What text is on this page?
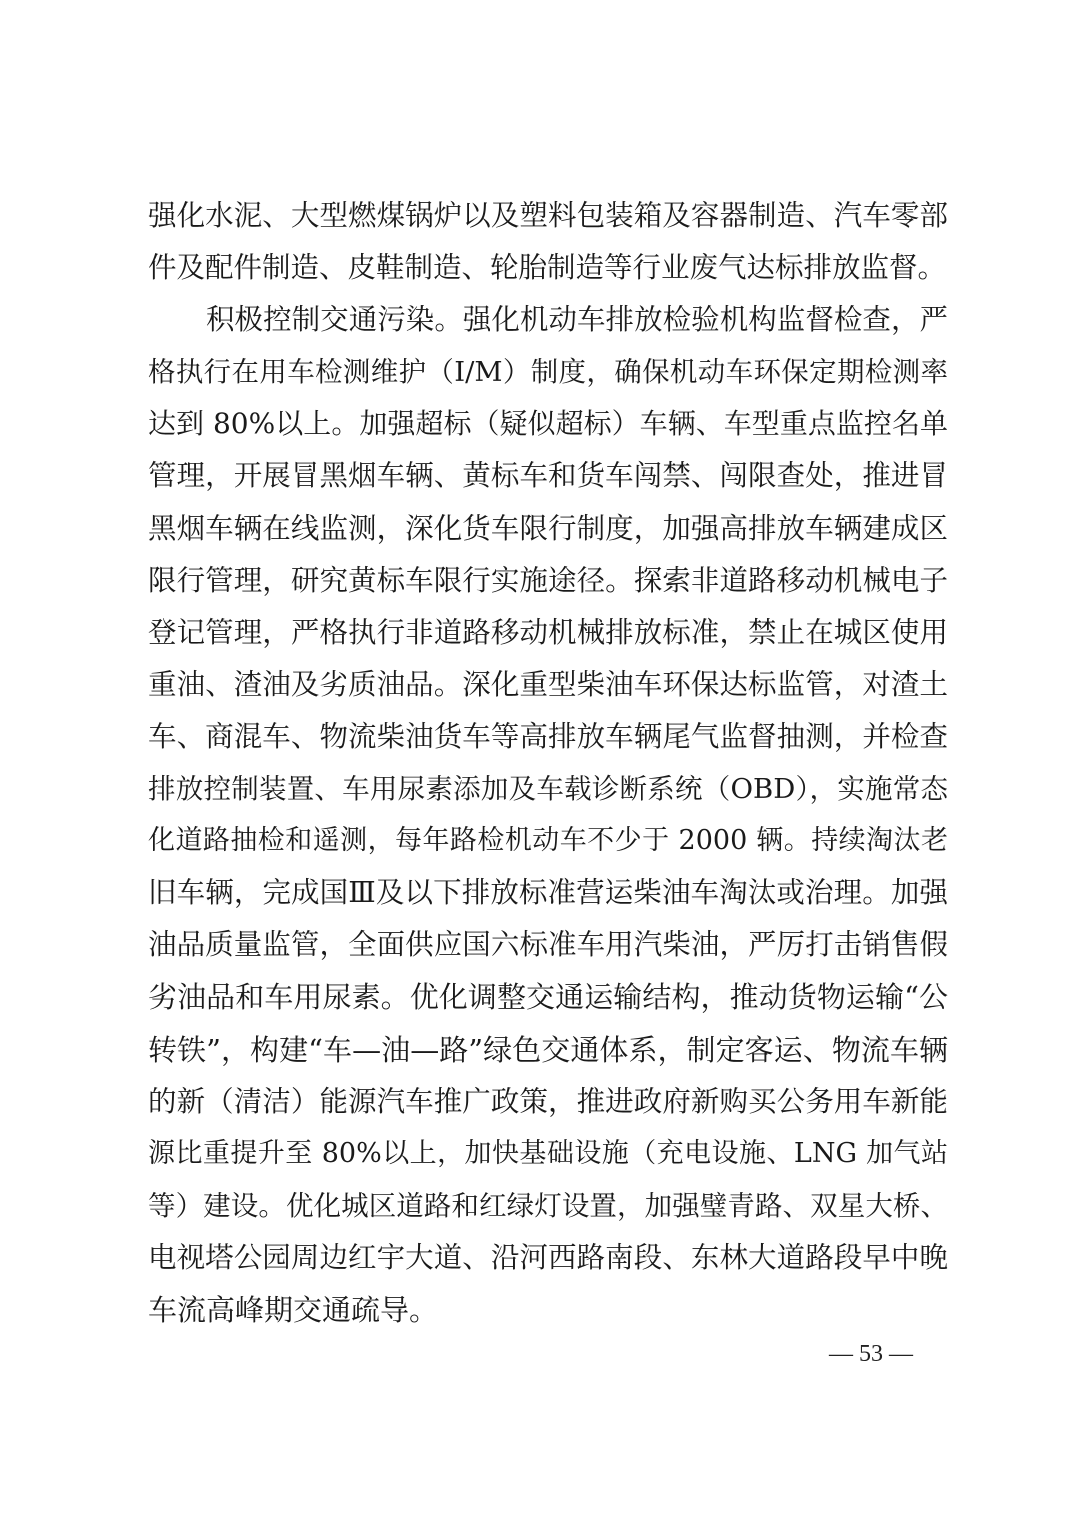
强化水泥、大型燃煤锅炉以及塑料包装箱及容器制造、汽车零部
件及配件制造、皮鞋制造、轮胎制造等行业废气达标排放监督。
积极控制交通污染。强化机动车排放检验机构监督检查，严
格执行在用车检测维护（I/M）制度，确保机动车环保定期检测率
达到 80%以上。加强超标（疑似超标）车辆、车型重点监控名单
管理，开展冒黑烟车辆、黄标车和货车闯禁、闯限查处，推进冒
黑烟车辆在线监测，深化货车限行制度，加强高排放车辆建成区
限行管理，研究黄标车限行实施途径。探索非道路移动机械电子
登记管理，严格执行非道路移动机械排放标准，禁止在城区使用
重油、渣油及劣质油品。深化重型柴油车环保达标监管，对渣土
车、商混车、物流柴油货车等高排放车辆尾气监督抽测，并检查
排放控制装置、车用尿素添加及车载诊断系统（OBD），实施常态
化道路抽检和遥测，每年路检机动车不少于 2000 辆。持续淘汰老
旧车辆，完成国Ⅲ及以下排放标准营运柴油车淘汰或治理。加强
油品质量监管，全面供应国六标准车用汽柴油，严厉打击销售假
劣油品和车用尿素。优化调整交通运输结构，推动货物运输“公
转铁”，构建“车—油—路”绿色交通体系，制定客运、物流车辆
的新（清洁）能源汽车推广政策，推进政府新购买公务用车新能
源比重提升至 80%以上，加快基础设施（充电设施、LNG 加气站
等）建设。优化城区道路和红绿灯设置，加强璧青路、双星大桥、
电视塔公园周边红宇大道、沿河西路南段、东林大道路段早中晚
车流高峰期交通疏导。
— 53 —
